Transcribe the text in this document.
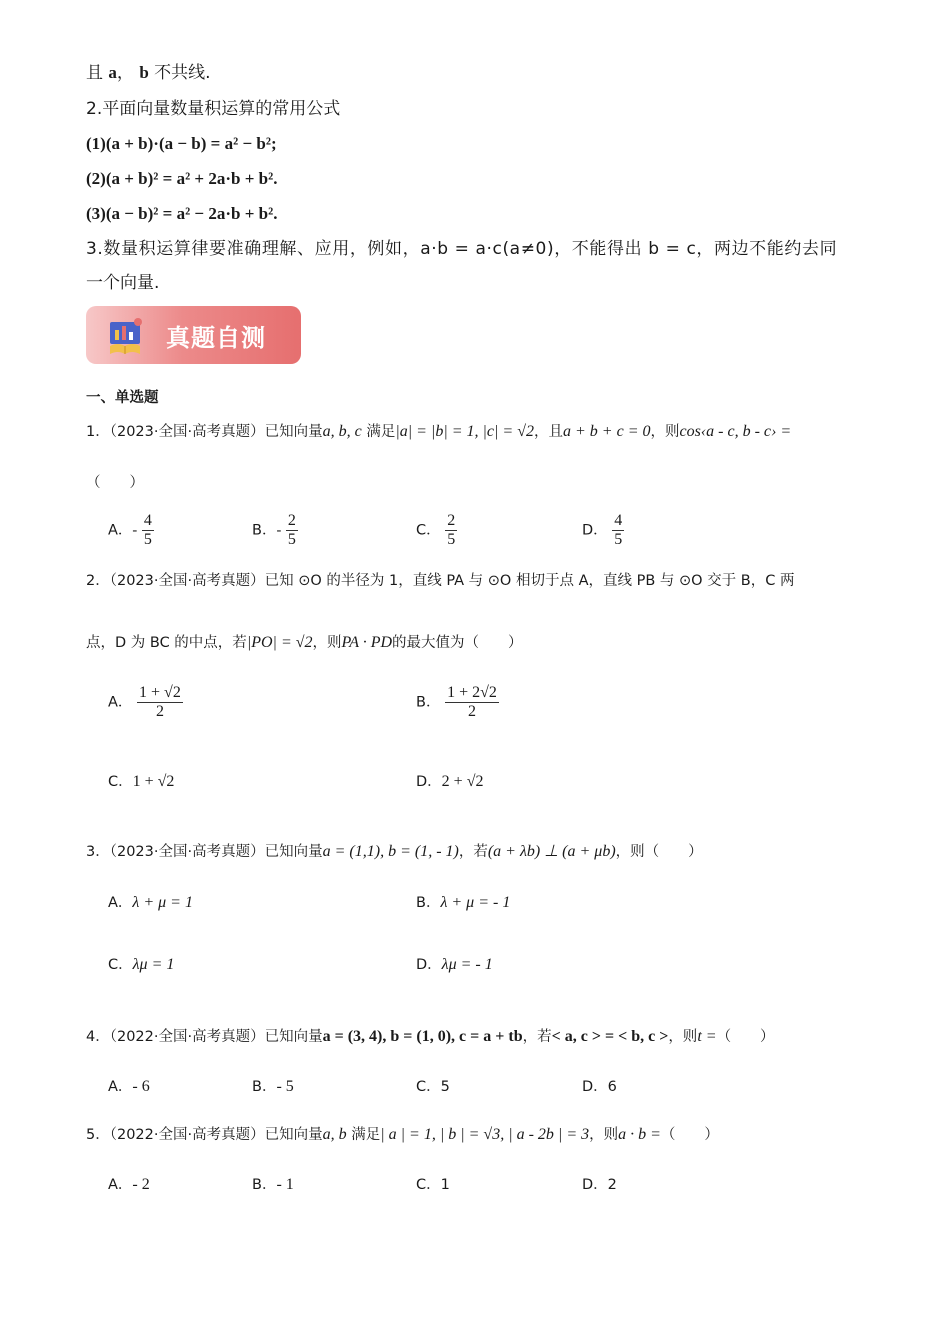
且 a， b 不共线.
2.平面向量数量积运算的常用公式
(1)(a + b)·(a − b) = a² − b²;
(2)(a + b)² = a² + 2a·b + b².
(3)(a − b)² = a² − 2a·b + b².
3.数量积运算律要准确理解、应用，例如，a·b = a·c(a≠0)，不能得出 b = c，两边不能约去同
一个向量.
真题自测
一、单选题
1．（2023·全国·高考真题）已知向量a, b, c 满足|a| = |b| = 1, |c| = √2，且a + b + c = 0，则cos‹a - c, b - c› =
（　　）
A．- $\frac{4}{5}$	B．- $\frac{2}{5}$	C． $\frac{2}{5}$	D． $\frac{4}{5}$
2．（2023·全国·高考真题）已知 ⊙O 的半径为 1，直线 PA 与 ⊙O 相切于点 A，直线 PB 与 ⊙O 交于 B，C 两
点，D 为 BC 的中点，若|PO| = √2，则PA · PD的最大值为（　　）
A． $\frac{1 + √2}{2}$	B． $\frac{1 + 2√2}{2}$
C．1 + √2	D．2 + √2
3．（2023·全国·高考真题）已知向量a = (1,1), b = (1, - 1)，若(a + λb) ⊥ (a + μb)，则（　　）
A．λ + μ = 1	B．λ + μ = - 1
C．λμ = 1	D．λμ = - 1
4．（2022·全国·高考真题）已知向量a = (3, 4), b = (1, 0), c = a + tb，若< a, c > = < b, c >，则t =（　　）
A．- 6	B．- 5	C．5	D．6
5．（2022·全国·高考真题）已知向量a, b 满足| a | = 1, | b | = √3, | a - 2b | = 3，则a · b =（　　）
A．- 2	B．- 1	C．1	D．2
